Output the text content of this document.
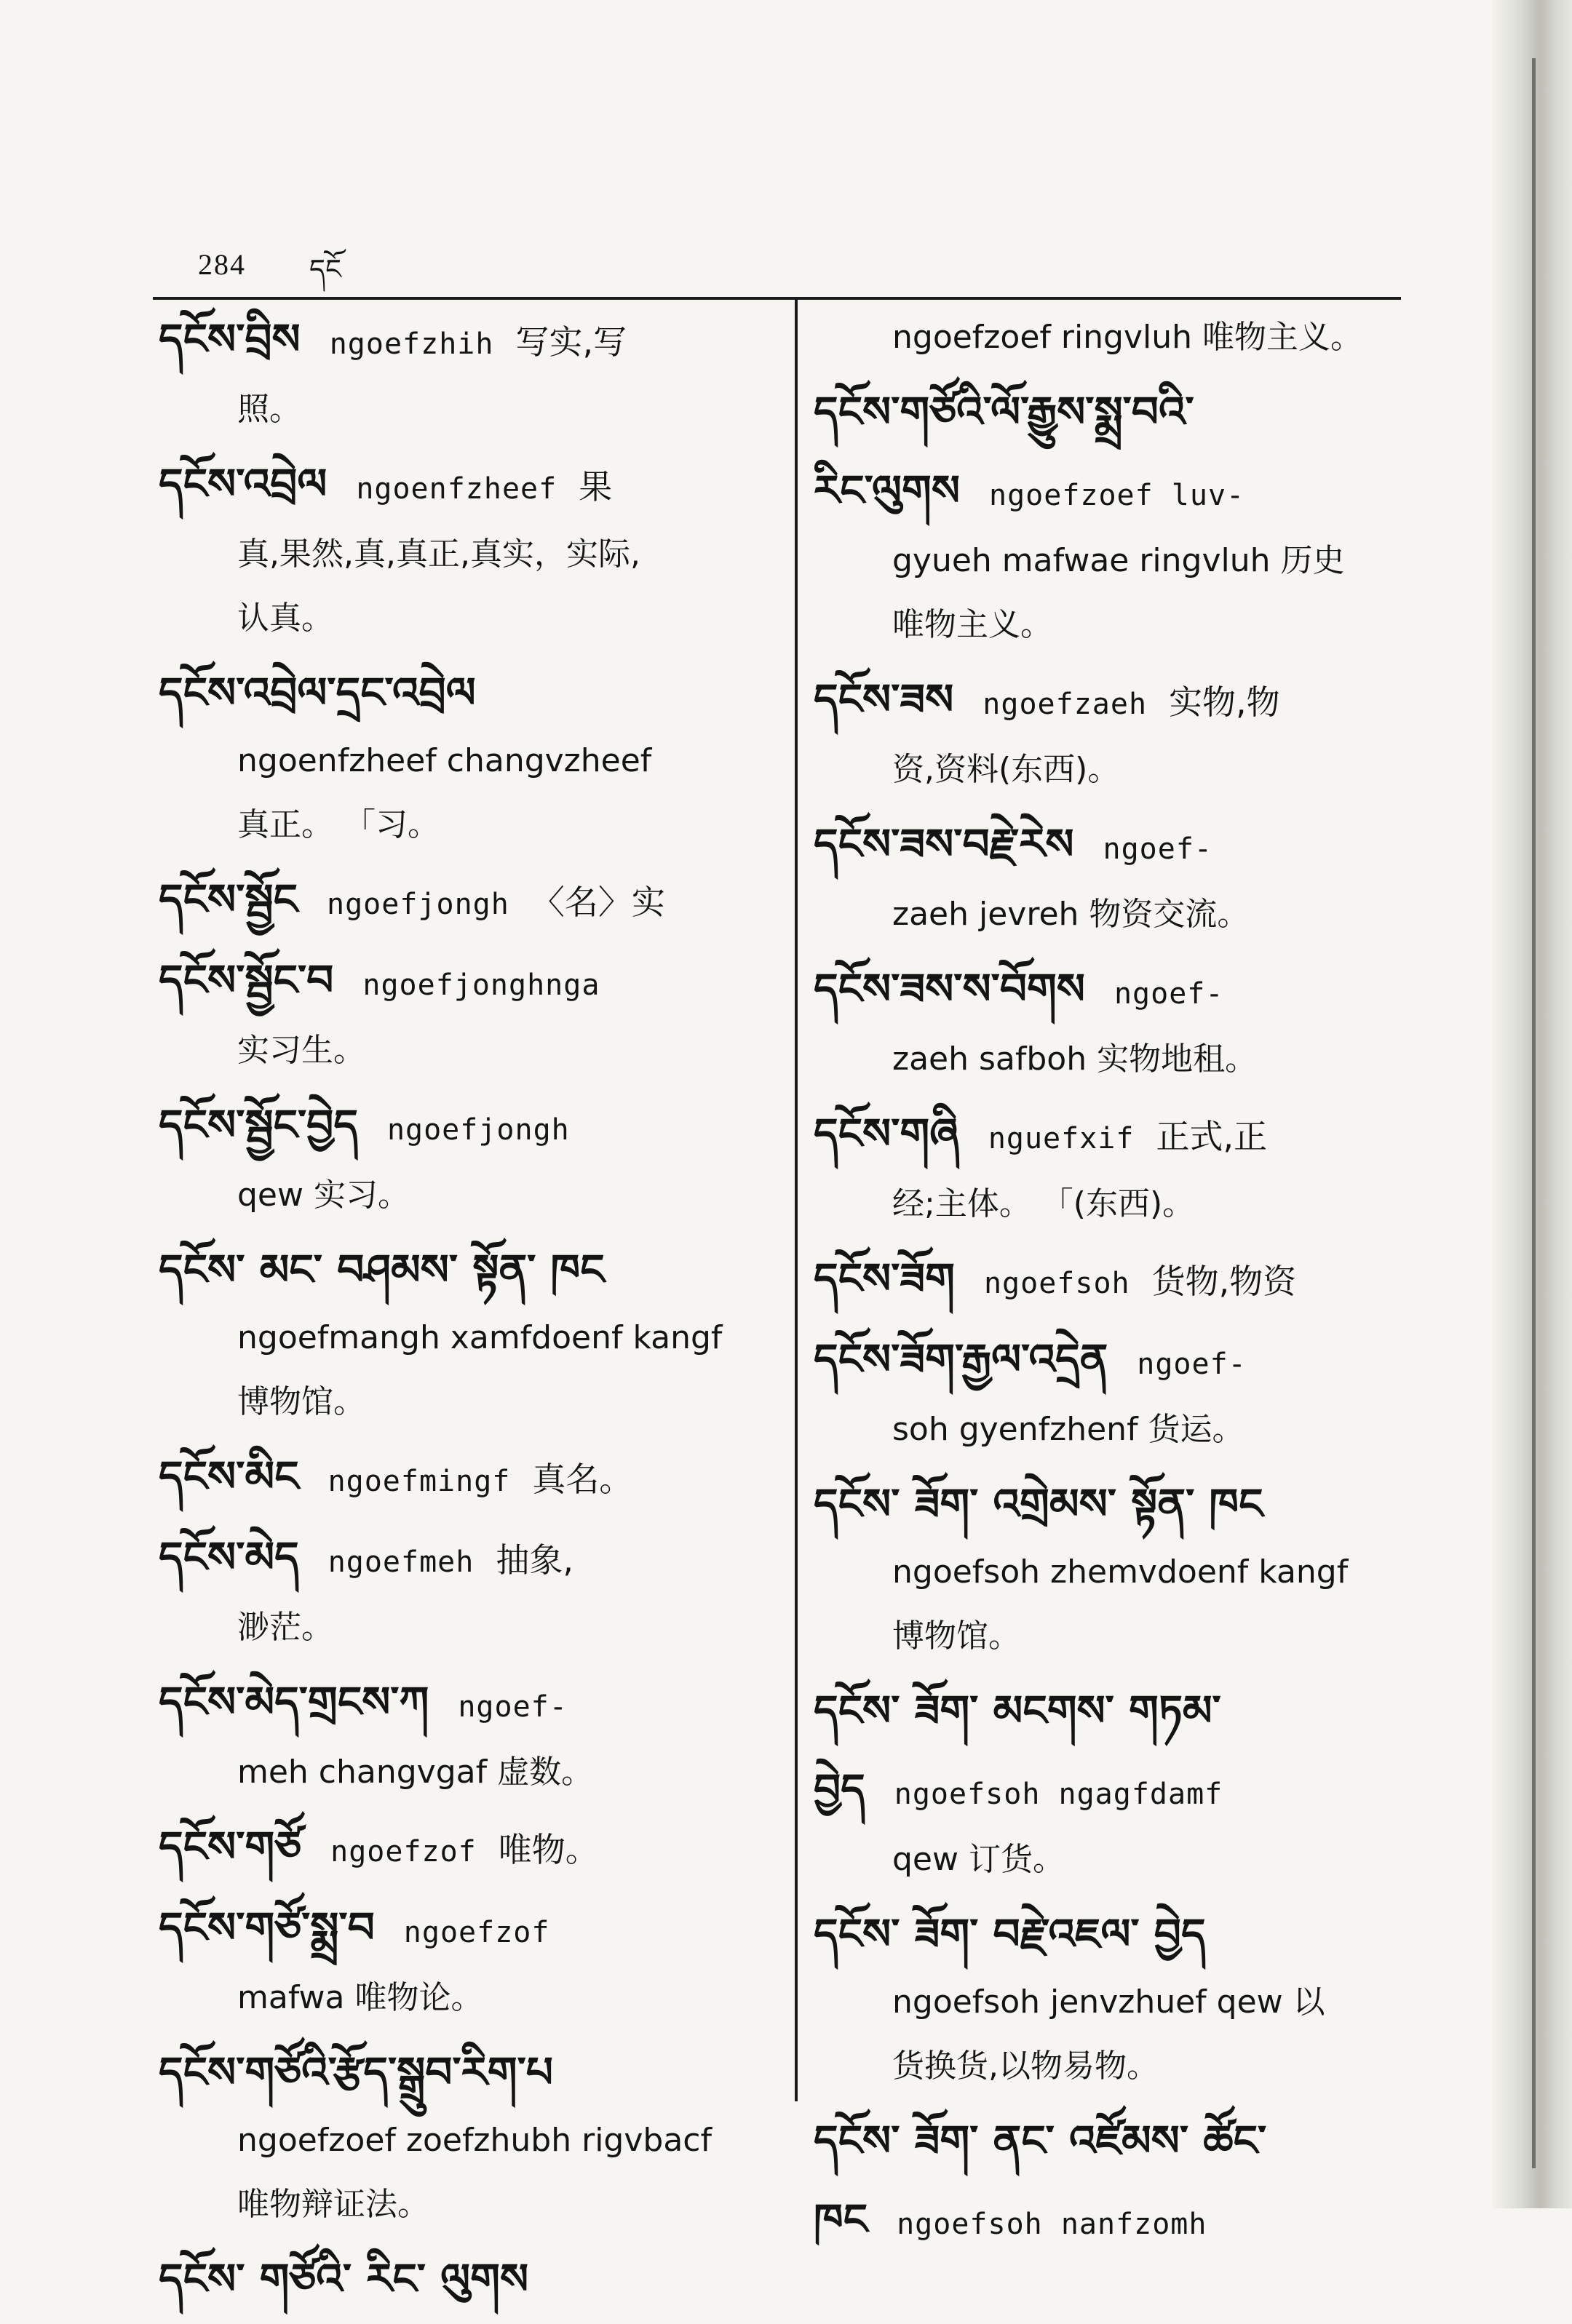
284 དངོ
དངོས་བྲིས ngoefzhih 写实,写
照。
དངོས་འབྲེལ ngoenfzheef 果
真,果然,真,真正,真实，实际,
认真。
དངོས་འབྲེལ་དྲང་འབྲེལ
ngoenfzheef changvzheef
真正。 「习。
དངོས་སྦྱོང ngoefjongh 〈名〉实
དངོས་སྦྱོང་བ ngoefjonghnga
实习生。
དངོས་སྦྱོང་བྱེད ngoefjongh
qew 实习。
དངོས་ མང་ བཤམས་ སྟོན་ ཁང
ngoefmangh xamfdoenf kangf
博物馆。
དངོས་མིང ngoefmingf 真名。
དངོས་མེད ngoefmeh 抽象,
渺茫。
དངོས་མེད་གྲངས་ཀ ngoef-
meh changvgaf 虚数。
དངོས་གཙོ ngoefzof 唯物。
དངོས་གཙོ་སྨྲ་བ ngoefzof
mafwa 唯物论。
དངོས་གཙོའི་རྩོད་སྒྲུབ་རིག་པ
ngoefzoef zoefzhubh rigvbacf
唯物辩证法。
དངོས་ གཙོའི་ རིང་ ལུགས
ngoefzoef ringvluh 唯物主义。
དངོས་གཙོའི་ལོ་རྒྱུས་སྨྲ་བའི་
རིང་ལུགས ngoefzoef luv-
gyueh mafwae ringvluh 历史
唯物主义。
དངོས་ཟས ngoefzaeh 实物,物
资,资料(东西)。
དངོས་ཟས་བརྗེ་རེས ngoef-
zaeh jevreh 物资交流。
དངོས་ཟས་ས་བོགས ngoef-
zaeh safboh 实物地租。
དངོས་གཞི nguefxif 正式,正
经;主体。 「(东西)。
དངོས་ཟོག ngoefsoh 货物,物资
དངོས་ཟོག་རྒྱལ་འདྲེན ngoef-
soh gyenfzhenf 货运。
དངོས་ ཟོག་ འགྲེམས་ སྟོན་ ཁང
ngoefsoh zhemvdoenf kangf
博物馆。
དངོས་ ཟོག་ མངགས་ གཏམ་
བྱེད ngoefsoh ngagfdamf
qew 订货。
དངོས་ ཟོག་ བརྗེ་འཇལ་ བྱེད
ngoefsoh jenvzhuef qew 以
货换货,以物易物。
དངོས་ ཟོག་ ནང་ འཛོམས་ ཚོང་
ཁང ngoefsoh nanfzomh
